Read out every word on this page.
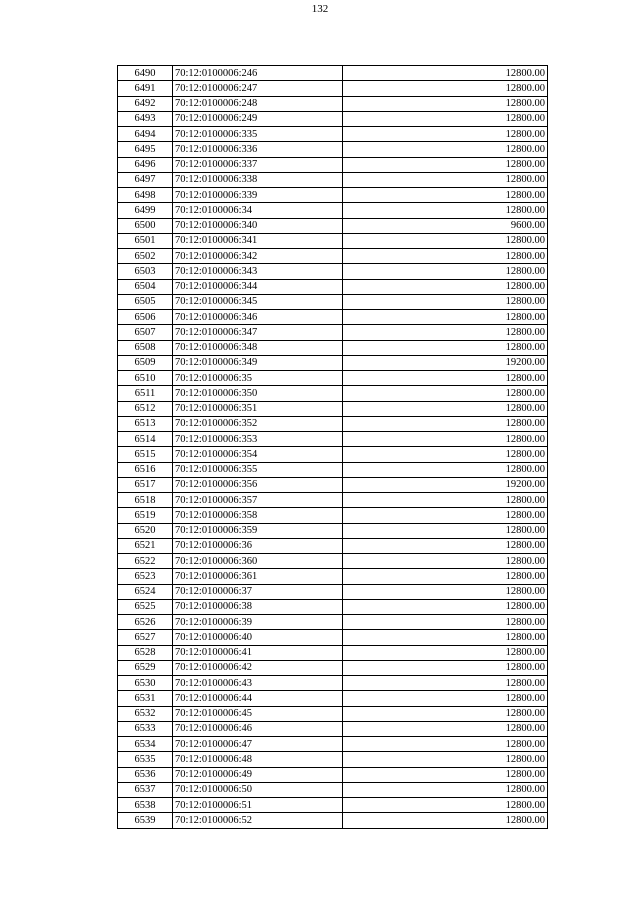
132
6490	70:12:0100006:246	12800.00
6491	70:12:0100006:247	12800.00
6492	70:12:0100006:248	12800.00
6493	70:12:0100006:249	12800.00
6494	70:12:0100006:335	12800.00
6495	70:12:0100006:336	12800.00
6496	70:12:0100006:337	12800.00
6497	70:12:0100006:338	12800.00
6498	70:12:0100006:339	12800.00
6499	70:12:0100006:34	12800.00
6500	70:12:0100006:340	9600.00
6501	70:12:0100006:341	12800.00
6502	70:12:0100006:342	12800.00
6503	70:12:0100006:343	12800.00
6504	70:12:0100006:344	12800.00
6505	70:12:0100006:345	12800.00
6506	70:12:0100006:346	12800.00
6507	70:12:0100006:347	12800.00
6508	70:12:0100006:348	12800.00
6509	70:12:0100006:349	19200.00
6510	70:12:0100006:35	12800.00
6511	70:12:0100006:350	12800.00
6512	70:12:0100006:351	12800.00
6513	70:12:0100006:352	12800.00
6514	70:12:0100006:353	12800.00
6515	70:12:0100006:354	12800.00
6516	70:12:0100006:355	12800.00
6517	70:12:0100006:356	19200.00
6518	70:12:0100006:357	12800.00
6519	70:12:0100006:358	12800.00
6520	70:12:0100006:359	12800.00
6521	70:12:0100006:36	12800.00
6522	70:12:0100006:360	12800.00
6523	70:12:0100006:361	12800.00
6524	70:12:0100006:37	12800.00
6525	70:12:0100006:38	12800.00
6526	70:12:0100006:39	12800.00
6527	70:12:0100006:40	12800.00
6528	70:12:0100006:41	12800.00
6529	70:12:0100006:42	12800.00
6530	70:12:0100006:43	12800.00
6531	70:12:0100006:44	12800.00
6532	70:12:0100006:45	12800.00
6533	70:12:0100006:46	12800.00
6534	70:12:0100006:47	12800.00
6535	70:12:0100006:48	12800.00
6536	70:12:0100006:49	12800.00
6537	70:12:0100006:50	12800.00
6538	70:12:0100006:51	12800.00
6539	70:12:0100006:52	12800.00
